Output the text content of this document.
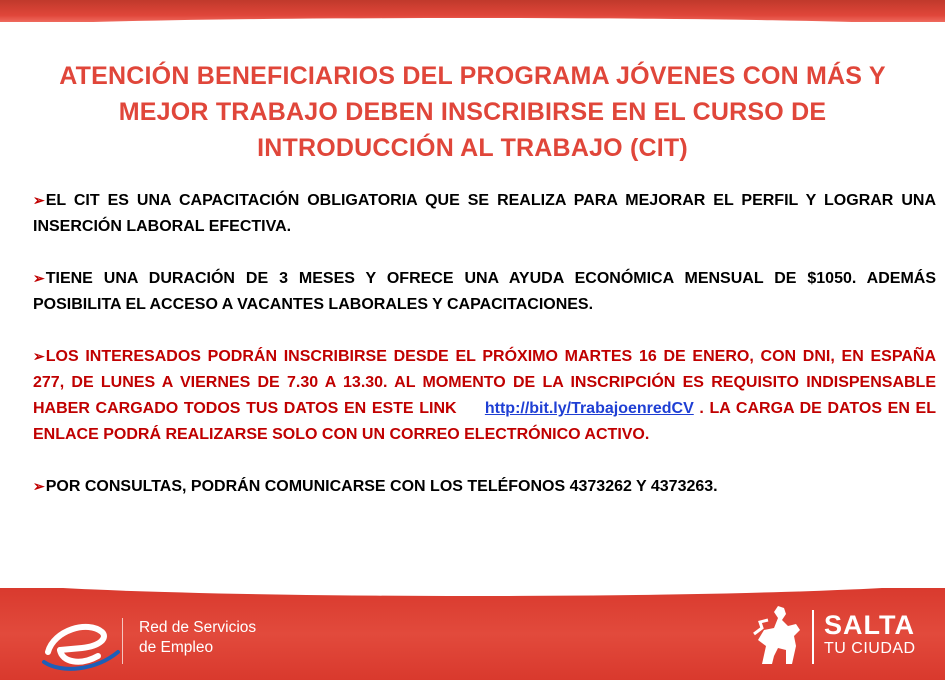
ATENCIÓN BENEFICIARIOS DEL PROGRAMA JÓVENES CON MÁS Y
MEJOR TRABAJO DEBEN INSCRIBIRSE EN EL CURSO DE
INTRODUCCIÓN AL TRABAJO (CIT)

➢EL CIT ES UNA CAPACITACIÓN OBLIGATORIA QUE SE REALIZA PARA MEJORAR EL PERFIL Y LOGRAR UNA INSERCIÓN LABORAL EFECTIVA.

➢TIENE UNA DURACIÓN DE 3 MESES Y OFRECE UNA AYUDA ECONÓMICA MENSUAL DE $1050. ADEMÁS POSIBILITA EL ACCESO A VACANTES LABORALES Y CAPACITACIONES.

➢LOS INTERESADOS PODRÁN INSCRIBIRSE DESDE EL PRÓXIMO MARTES 16 DE ENERO, CON DNI, EN ESPAÑA 277, DE LUNES A VIERNES DE 7.30 A 13.30. AL MOMENTO DE LA INSCRIPCIÓN ES REQUISITO INDISPENSABLE HABER CARGADO TODOS TUS DATOS EN ESTE LINK     http://bit.ly/TrabajoenredCV . LA CARGA DE DATOS EN EL ENLACE PODRÁ REALIZARSE SOLO CON UN CORREO ELECTRÓNICO ACTIVO.

➢POR CONSULTAS, PODRÁN COMUNICARSE CON LOS TELÉFONOS 4373262 Y 4373263.

Red de Servicios
de Empleo
SALTA
TU CIUDAD
